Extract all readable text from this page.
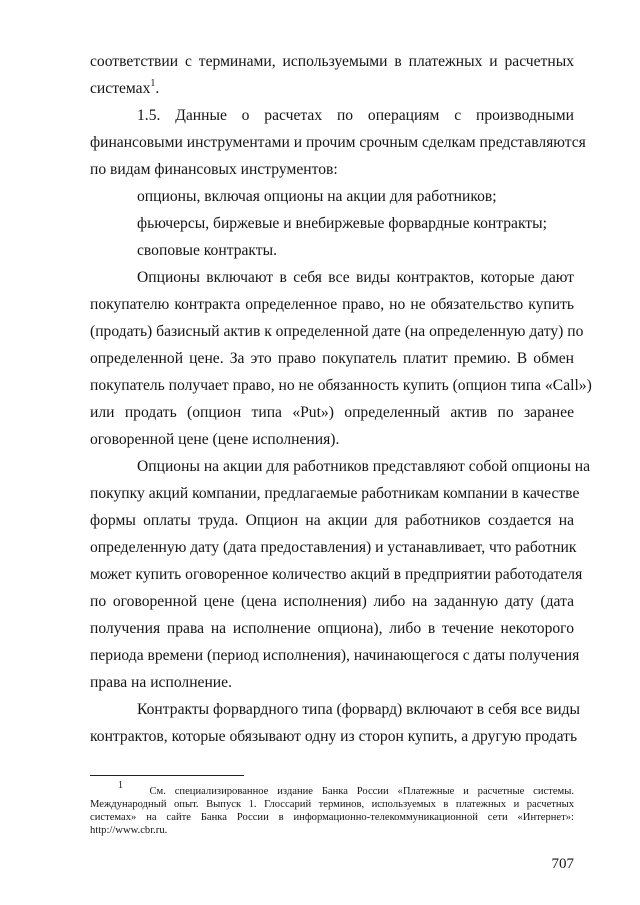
соответствии с терминами, используемыми в платежных и расчетных
системах$^1$.
1.5. Данные о расчетах по операциям с производными
финансовыми инструментами и прочим срочным сделкам представляются
по видам финансовых инструментов:
опционы, включая опционы на акции для работников;
фьючерсы, биржевые и внебиржевые форвардные контракты;
своповые контракты.
Опционы включают в себя все виды контрактов, которые дают
покупателю контракта определенное право, но не обязательство купить
(продать) базисный актив к определенной дате (на определенную дату) по
определенной цене. За это право покупатель платит премию. В обмен
покупатель получает право, но не обязанность купить (опцион типа «Call»)
или продать (опцион типа «Put») определенный актив по заранее
оговоренной цене (цене исполнения).
Опционы на акции для работников представляют собой опционы на
покупку акций компании, предлагаемые работникам компании в качестве
формы оплаты труда. Опцион на акции для работников создается на
определенную дату (дата предоставления) и устанавливает, что работник
может купить оговоренное количество акций в предприятии работодателя
по оговоренной цене (цена исполнения) либо на заданную дату (дата
получения права на исполнение опциона), либо в течение некоторого
периода времени (период исполнения), начинающегося с даты получения
права на исполнение.
Контракты форвардного типа (форвард) включают в себя все виды
контрактов, которые обязывают одну из сторон купить, а другую продать
$^1$   См. специализированное издание Банка России «Платежные и расчетные системы.
Международный опыт. Выпуск 1. Глоссарий терминов, используемых в платежных и расчетных
системах» на сайте Банка России в информационно-телекоммуникационной сети «Интернет»:
http://www.cbr.ru.
707
